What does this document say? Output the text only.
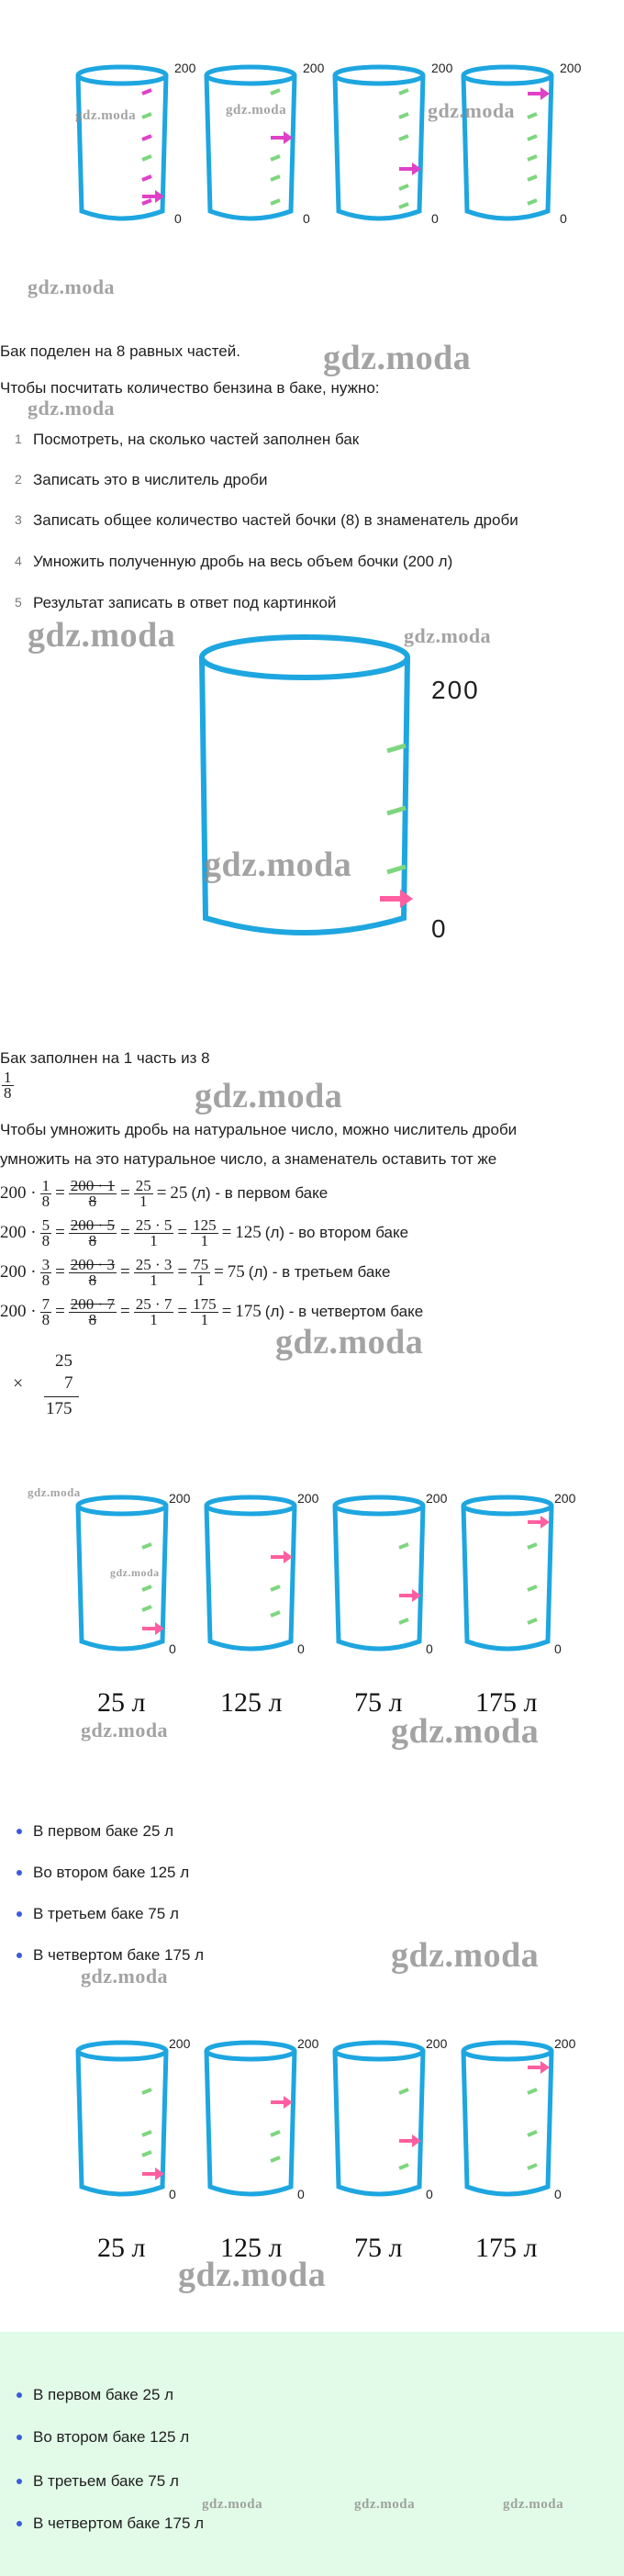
200
0
200
0
200
0
200
0
gdz.moda	gdz.moda	gdz.moda
gdz.moda
Бак поделен на 8 равных частей. gdz.moda
Чтобы посчитать количество бензина в баке, нужно:
gdz.moda
1 Посмотреть, на сколько частей заполнен бак
2 Записать это в числитель дроби
3 Записать общее количество частей бочки (8) в знаменатель дроби
4 Умножить полученную дробь на весь объем бочки (200 л)
5 Результат записать в ответ под картинкой
gdz.moda	gdz.moda
200
0
gdz.moda
Бак заполнен на 1 часть из 8
$\frac{1}{8}$	gdz.moda
Чтобы умножить дробь на натуральное число, можно числитель дроби
умножить на это натуральное число, а знаменатель оставить тот же
$200 \cdot \frac{1}{8} = \frac{200 \cdot 1}{8} = \frac{25}{1} = 25$ (л) - в первом баке
$200 \cdot \frac{5}{8} = \frac{200 \cdot 5}{8} = \frac{25 \cdot 5}{1} = \frac{125}{1} = 125$ (л) - во втором баке
$200 \cdot \frac{3}{8} = \frac{200 \cdot 3}{8} = \frac{25 \cdot 3}{1} = \frac{75}{1} = 75$ (л) - в третьем баке
$200 \cdot \frac{7}{8} = \frac{200 \cdot 7}{8} = \frac{25 \cdot 7}{1} = \frac{175}{1} = 175$ (л) - в четвертом баке
gdz.moda
×
25
7
175
gdz.moda	200
0
200
0
200
0
200
0
gdz.moda
25 л	125 л	75 л	175 л
gdz.moda	gdz.moda
В первом баке 25 л
Во втором баке 125 л
В третьем баке 75 л
В четвертом баке 175 л	gdz.moda
gdz.moda
200
0
200
0
200
0
200
0
25 л	125 л	75 л	175 л
gdz.moda
В первом баке 25 л
Во втором баке 125 л
В третьем баке 75 л
В четвертом баке 175 л
gdz.moda	gdz.moda	gdz.moda
